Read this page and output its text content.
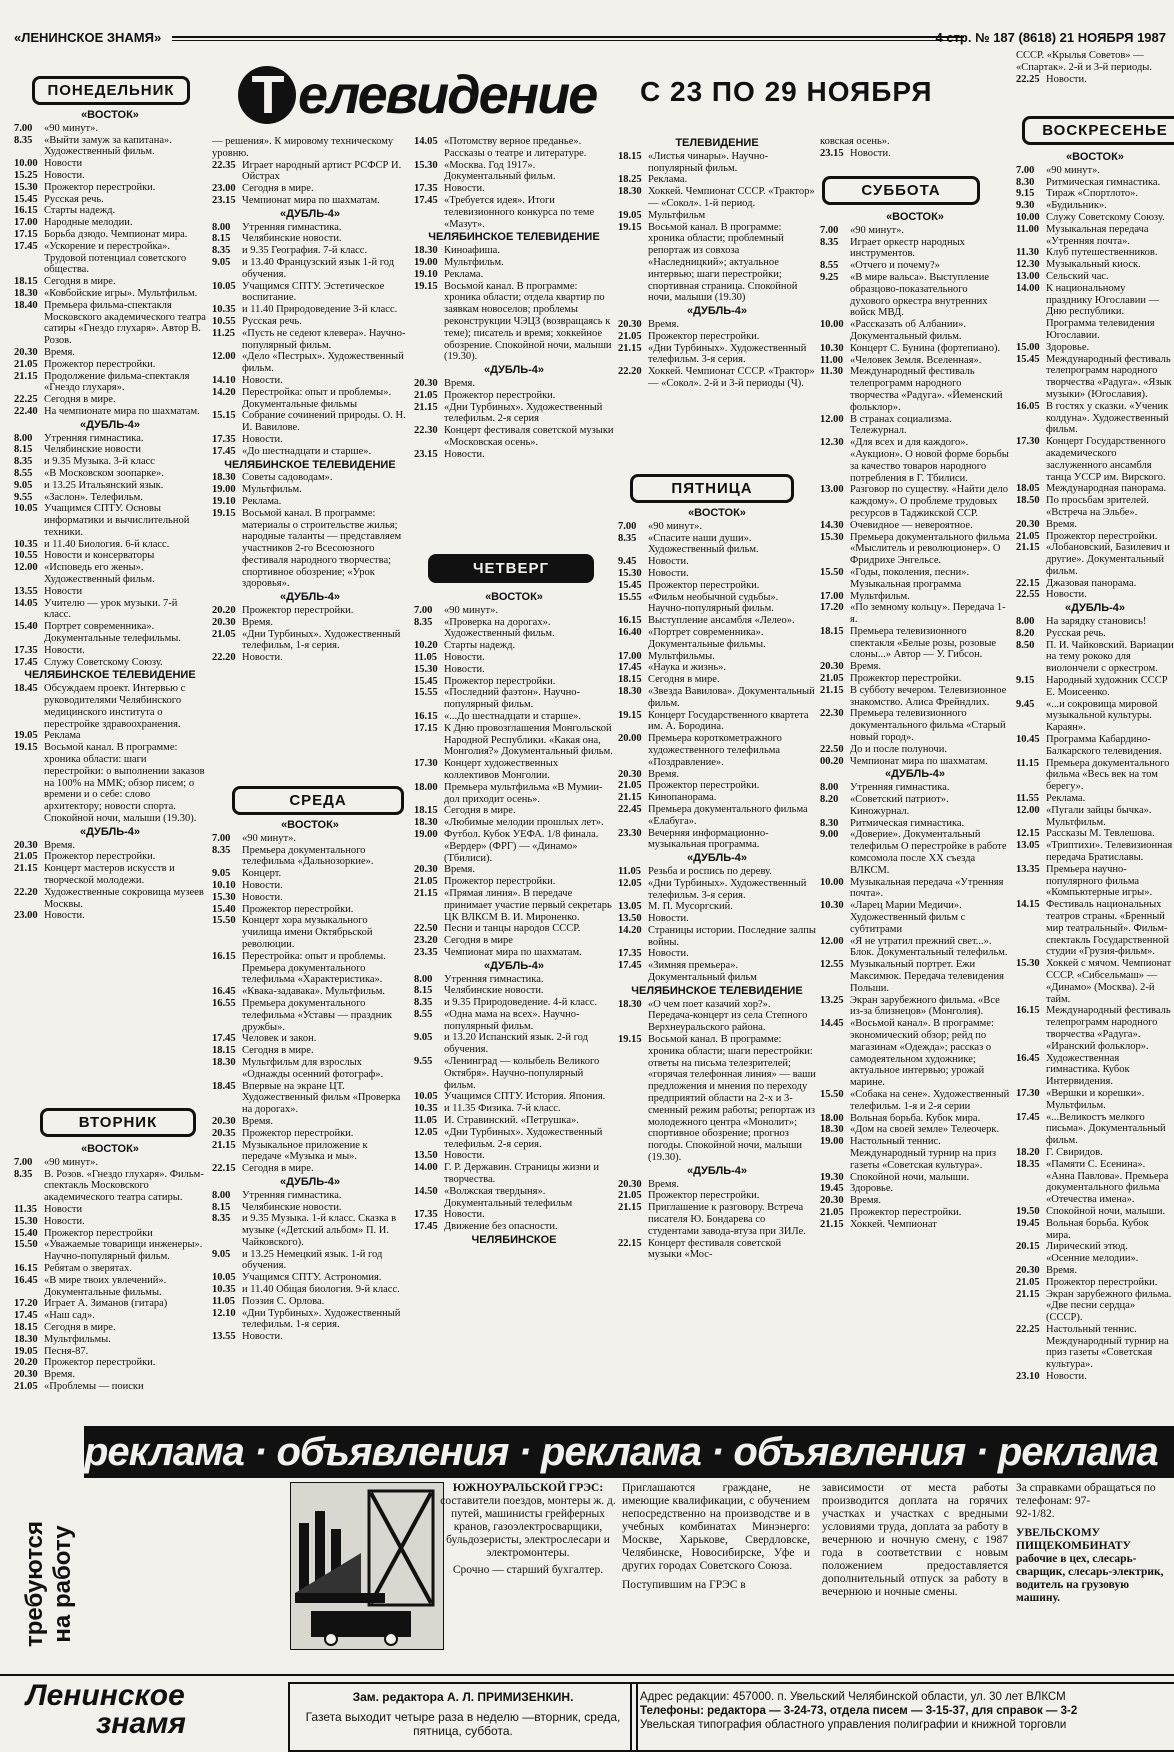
«ЛЕНИНСКОЕ ЗНАМЯ»	4 стр. № 187 (8618) 21 НОЯБРЯ 1987
Т елевидение	С 23 ПО 29 НОЯБРЯ
ПОНЕДЕЛЬНИК
ВТОРНИК
СРЕДА
ЧЕТВЕРГ
ПЯТНИЦА
СУББОТА
ВОСКРЕСЕНЬЕ
«ВОСТОК»
7.00 «90 минут».
8.35 «Выйти замуж за капитана». Художественный фильм.
10.00 Новости
15.25 Новости.
15.30 Прожектор перестройки.
15.45 Русская речь.
16.15 Старты надежд.
17.00 Народные мелодии.
17.15 Борьба дзюдо. Чемпионат мира.
17.45 «Ускорение и перестройка». Трудовой потенциал советского общества.
18.15 Сегодня в мире.
18.30 «Ковбойские игры». Мультфильм.
18.40 Премьера фильма-спектакля Московского академического театра сатиры «Гнездо глухаря». Автор В. Розов.
20.30 Время.
21.05 Прожектор перестройки.
21.15 Продолжение фильма-спектакля «Гнездо глухаря».
22.25 Сегодня в мире.
22.40 На чемпионате мира по шахматам.
«ДУБЛЬ-4»
8.00 Утренняя гимнастика.
8.15 Челябинские новости
8.35 и 9.35 Музыка. 3-й класс
8.55 «В Московском зоопарке».
9.05 и 13.25 Итальянский язык.
9.55 «Заслон». Телефильм.
10.05 Учащимся СПТУ. Основы информатики и вычислительной техники.
10.35 и 11.40 Биология. 6-й класс.
10.55 Новости и консерваторы
12.00 «Исповедь его жены». Художественный фильм.
13.55 Новости
14.05 Учителю — урок музыки. 7-й класс.
15.40 Портрет современника». Документальные телефильмы.
17.35 Новости.
17.45 Служу Советскому Союзу.
ЧЕЛЯБИНСКОЕ ТЕЛЕВИДЕНИЕ
18.45 Обсуждаем проект. Интервью с руководителями Челябинского медицинского института о перестройке здравоохранения.
19.05 Реклама
19.15 Восьмой канал. В программе: хроника области: шаги перестройки: о выполнении заказов на 100% на ММК; обзор писем; о времени и о себе: слово архитектору; новости спорта. Спокойной ночи, малыши (19.30).
«ДУБЛЬ-4»
20.30 Время.
21.05 Прожектор перестройки.
21.15 Концерт мастеров искусств и творческой молодежи.
22.20 Художественные сокровища музеев Москвы.
23.00 Новости.
«ВОСТОК»
7.00 «90 минут».
8.35 В. Розов. «Гнездо глухаря». Фильм-спектакль Московского академического театра сатиры.
11.35 Новости
15.30 Новости.
15.40 Прожектор перестройки
15.50 «Уважаемые товарищи инженеры». Научно-популярный фильм.
16.15 Ребятам о зверятах.
16.45 «В мире твоих увлечений». Документальные фильмы.
17.20 Играет А. Зиманов (гитара)
17.45 «Наш сад».
18.15 Сегодня в мире.
18.30 Мультфильмы.
19.05 Песня-87.
20.20 Прожектор перестройки.
20.30 Время.
21.05 «Проблемы — поиски
— решения». К мировому техническому уровню.
22.35 Играет народный артист РСФСР И. Ойстрах
23.00 Сегодня в мире.
23.15 Чемпионат мира по шахматам.
«ДУБЛЬ-4»
8.00 Утренняя гимнастика.
8.15 Челябинские новости.
8.35 и 9.35 География. 7-й класс.
9.05 и 13.40 Французский язык 1-й год обучения.
10.05 Учащимся СПТУ. Эстетическое воспитание.
10.35 и 11.40 Природоведение 3-й класс.
10.55 Русская речь.
11.25 «Пусть не седеют клевера». Научно-популярный фильм.
12.00 «Дело «Пестрых». Художественный фильм.
14.10 Новости.
14.20 Перестройка: опыт и проблемы». Документальные фильмы
15.15 Собрание сочинений природы. О. Н. И. Вавилове.
17.35 Новости.
17.45 «До шестнадцати и старше».
ЧЕЛЯБИНСКОЕ ТЕЛЕВИДЕНИЕ
18.30 Советы садоводам».
19.00 Мультфильм.
19.10 Реклама.
19.15 Восьмой канал. В программе: материалы о строительстве жилья; народные таланты — представляем участников 2-го Всесоюзного фестиваля народного творчества; спортивное обозрение; «Урок здоровья».
«ДУБЛЬ-4»
20.20 Прожектор перестройки.
20.30 Время.
21.05 «Дни Турбиных». Художественный телефильм, 1-я серия.
22.20 Новости.
«ВОСТОК»
7.00 «90 минут».
8.35 Премьера документального телефильма «Дальнозоркие».
9.05 Концерт.
10.10 Новости.
15.30 Новости.
15.40 Прожектор перестройки.
15.50 Концерт хора музыкального училища имени Октябрьской революции.
16.15 Перестройка: опыт и проблемы. Премьера документального телефильма «Характеристика».
16.45 «Квака-задавака». Мультфильм.
16.55 Премьера документального телефильма «Уставы — праздник дружбы».
17.45 Человек и закон.
18.15 Сегодня в мире.
18.30 Мультфильм для взрослых «Однажды осенний фотограф».
18.45 Впервые на экране ЦТ. Художественный фильм «Проверка на дорогах».
20.30 Время.
20.35 Прожектор перестройки.
21.15 Музыкальное приложение к передаче «Музыка и мы».
22.15 Сегодня в мире.
«ДУБЛЬ-4»
8.00 Утренняя гимнастика.
8.15 Челябинские новости.
8.35 и 9.35 Музыка. 1-й класс. Сказка в музыке («Детский альбом» П. И. Чайковского).
9.05 и 13.25 Немецкий язык. 1-й год обучения.
10.05 Учащимся СПТУ. Астрономия.
10.35 и 11.40 Общая биология. 9-й класс.
11.05 Поэзия С. Орлова.
12.10 «Дни Турбиных». Художественный телефильм. 1-я серия.
13.55 Новости.
14.05 «Потомству верное преданье». Рассказы о театре и литературе.
15.30 «Москва. Год 1917». Документальный фильм.
17.35 Новости.
17.45 «Требуется идея». Итоги телевизионного конкурса по теме «Мазут».
ЧЕЛЯБИНСКОЕ ТЕЛЕВИДЕНИЕ
18.30 Киноафиша.
19.00 Мультфильм.
19.10 Реклама.
19.15 Восьмой канал. В программе: хроника области; отдела квартир по заявкам новоселов; проблемы реконструкции ЧЭЦЗ (возвращаясь к теме); писатель и время; хоккейное обозрение. Спокойной ночи, малыши (19.30).
«ДУБЛЬ-4»
20.30 Время.
21.05 Прожектор перестройки.
21.15 «Дни Турбиных». Художественный телефильм. 2-я серия
22.30 Концерт фестиваля советской музыки «Московская осень».
23.15 Новости.
«ВОСТОК»
7.00 «90 минут».
8.35 «Проверка на дорогах». Художественный фильм.
10.20 Старты надежд.
11.05 Новости.
15.30 Новости.
15.45 Прожектор перестройки.
15.55 «Последний фаэтон». Научно-популярный фильм.
16.15 «...До шестнадцати и старше».
17.15 К Дню провозглашения Монгольской Народной Республики. «Какая она, Монголия?» Документальный фильм.
17.30 Концерт художественных коллективов Монголии.
18.00 Премьера мультфильма «В Мумии-дол приходит осень».
18.15 Сегодня в мире.
18.30 «Любимые мелодии прошлых лет».
19.00 Футбол. Кубок УЕФА. 1/8 финала. «Вердер» (ФРГ) — «Динамо» (Тбилиси).
20.30 Время.
21.05 Прожектор перестройки.
21.15 «Прямая линия». В передаче принимает участие первый секретарь ЦК ВЛКСМ В. И. Мироненко.
22.50 Песни и танцы народов СССР.
23.20 Сегодня в мире
23.35 Чемпионат мира по шахматам.
«ДУБЛЬ-4»
8.00 Утренняя гимнастика.
8.15 Челябинские новости.
8.35 и 9.35 Природоведение. 4-й класс.
8.55 «Одна мама на всех». Научно-популярный фильм.
9.05 и 13.20 Испанский язык. 2-й год обучения.
9.55 «Ленинград — колыбель Великого Октября». Научно-популярный фильм.
10.05 Учащимся СПТУ. История. Япония.
10.35 и 11.35 Физика. 7-й класс.
11.05 И. Стравинский. «Петрушка».
12.05 «Дни Турбиных». Художественный телефильм. 2-я серия.
13.50 Новости.
14.00 Г. Р. Державин. Страницы жизни и творчества.
14.50 «Волжская твердыня». Документальный телефильм
17.35 Новости.
17.45 Движение без опасности.
ЧЕЛЯБИНСКОЕ
ТЕЛЕВИДЕНИЕ
18.15 «Листья чинары». Научно-популярный фильм.
18.25 Реклама.
18.30 Хоккей. Чемпионат СССР. «Трактор» — «Сокол». 1-й период.
19.05 Мультфильм
19.15 Восьмой канал. В программе: хроника области; проблемный репортаж из совхоза «Наследницкий»; актуальное интервью; шаги перестройки; спортивная страница. Спокойной ночи, малыши (19.30)
«ДУБЛЬ-4»
20.30 Время.
21.05 Прожектор перестройки.
21.15 «Дни Турбиных». Художественный телефильм. 3-я серия.
22.20 Хоккей. Чемпионат СССР. «Трактор» — «Сокол». 2-й и 3-й периоды (Ч).
«ВОСТОК»
7.00 «90 минут».
8.35 «Спасите наши души». Художественный фильм.
9.45 Новости.
15.30 Новости.
15.45 Прожектор перестройки.
15.55 «Фильм необычной судьбы». Научно-популярный фильм.
16.15 Выступление ансамбля «Лелео».
16.40 «Портрет современника». Документальные фильмы.
17.00 Мультфильмы.
17.45 «Наука и жизнь».
18.15 Сегодня в мире.
18.30 «Звезда Вавилова». Документальный фильм.
19.15 Концерт Государственного квартета им. А. Бородина.
20.00 Премьера короткометражного художественного телефильма «Поздравление».
20.30 Время.
21.05 Прожектор перестройки.
21.15 Кинопанорама.
22.45 Премьера документального фильма «Елабуга».
23.30 Вечерняя информационно-музыкальная программа.
«ДУБЛЬ-4»
11.05 Резьба и роспись по дереву.
12.05 «Дни Турбиных». Художественный телефильм. 3-я серия.
13.05 М. П. Мусоргский.
13.50 Новости.
14.20 Страницы истории. Последние залпы войны.
17.35 Новости.
17.45 «Зимняя премьера». Документальный фильм
ЧЕЛЯБИНСКОЕ ТЕЛЕВИДЕНИЕ
18.30 «О чем поет казачий хор?». Передача-концерт из села Степного Верхнеуральского района.
19.15 Восьмой канал. В программе: хроника области; шаги перестройки: ответы на письма телезрителей; «горячая телефонная линия» — ваши предложения и мнения по переходу предприятий области на 2-х и 3-сменный режим работы; репортаж из молодежного центра «Монолит»; спортивное обозрение; прогноз погоды. Спокойной ночи, малыши (19.30).
«ДУБЛЬ-4»
20.30 Время.
21.05 Прожектор перестройки.
21.15 Приглашение к разговору. Встреча писателя Ю. Бондарева со студентами завода-втуза при ЗИЛе.
22.15 Концерт фестиваля советской музыки «Мос-
ковская осень».
23.15 Новости.
«ВОСТОК»
7.00 «90 минут».
8.35 Играет оркестр народных инструментов.
8.55 «Отчего и почему?»
9.25 «В мире вальса». Выступление образцово-показательного духового оркестра внутренних войск МВД.
10.00 «Рассказать об Албании». Документальный фильм.
10.30 Концерт С. Бунина (фортепиано).
11.00 «Человек Земля. Вселенная».
11.30 Международный фестиваль телепрограмм народного творчества «Радуга». «Йеменский фольклор».
12.00 В странах социализма. Тележурнал.
12.30 «Для всех и для каждого». «Аукцион». О новой форме борьбы за качество товаров народного потребления в Г. Тбилиси.
13.00 Разговор по существу. «Найти дело каждому». О проблеме трудовых ресурсов в Таджикской ССР.
14.30 Очевидное — невероятное.
15.30 Премьера документального фильма «Мыслитель и революционер». О Фридрихе Энгельсе.
15.50 «Годы, поколения, песни». Музыкальная программа
17.00 Мультфильм.
17.20 «По земному кольцу». Передача 1-я.
18.15 Премьера телевизионного спектакля «Белые розы, розовые слоны...» Автор — У. Гибсон.
20.30 Время.
21.05 Прожектор перестройки.
21.15 В субботу вечером. Телевизионное знакомство. Алиса Фрейндлих.
22.30 Премьера телевизионного документального фильма «Старый новый город».
22.50 До и после полуночи.
00.20 Чемпионат мира по шахматам.
«ДУБЛЬ-4»
8.00 Утренняя гимнастика.
8.20 «Советский патриот». Киножурнал.
8.30 Ритмическая гимнастика.
9.00 «Доверие». Документальный телефильм О перестройке в работе комсомола после XX съезда ВЛКСМ.
10.00 Музыкальная передача «Утренняя почта».
10.30 «Ларец Марии Медичи». Художественный фильм с субтитрами
12.00 «Я не утратил прежний свет...». Блок. Документальный телефильм.
12.55 Музыкальный портрет. Ежи Максимюк. Передача телевидения Польши.
13.25 Экран зарубежного фильма. «Все из-за близнецов» (Монголия).
14.45 «Восьмой канал». В программе: экономический обзор; рейд по магазинам «Одежда»; рассказ о самодеятельном художнике; актуальное интервью; урожай марине.
15.50 «Собака на сене». Художественный телефильм. 1-я и 2-я серии
18.00 Вольная борьба. Кубок мира.
18.30 «Дом на своей земле» Телеочерк.
19.00 Настольный теннис. Международный турнир на приз газеты «Советская культура».
19.30 Спокойной ночи, малыши.
19.45 Здоровье.
20.30 Время.
21.05 Прожектор перестройки.
21.15 Хоккей. Чемпионат
СССР. «Крылья Советов» — «Спартак». 2-й и 3-й периоды.
22.25 Новости.
«ВОСТОК»
7.00 «90 минут».
8.30 Ритмическая гимнастика.
9.15 Тираж «Спортлото».
9.30 «Будильник».
10.00 Служу Советскому Союзу.
11.00 Музыкальная передача «Утренняя почта».
11.30 Клуб путешественников.
12.30 Музыкальный киоск.
13.00 Сельский час.
14.00 К национальному празднику Югославии — Дню республики. Программа телевидения Югославии.
15.00 Здоровье.
15.45 Международный фестиваль телепрограмм народного творчества «Радуга». «Язык музыки» (Югославия).
16.05 В гостях у сказки. «Ученик колдуна». Художественный фильм.
17.30 Концерт Государственного академического заслуженного ансамбля танца УССР им. Вирского.
18.05 Международная панорама.
18.50 По просьбам зрителей. «Встреча на Эльбе».
20.30 Время.
21.05 Прожектор перестройки.
21.15 «Лобановский, Базилевич и другие». Документальный фильм.
22.15 Джазовая панорама.
22.55 Новости.
«ДУБЛЬ-4»
8.00 На зарядку становись!
8.20 Русская речь.
8.50 П. И. Чайковский. Вариации на тему рококо для виолончели с оркестром.
9.15 Народный художник СССР Е. Моисеенко.
9.45 «...и сокровища мировой музыкальной культуры. Караян».
10.45 Программа Кабардино-Балкарского телевидения.
11.15 Премьера документального фильма «Весь век на том берегу».
11.55 Реклама.
12.00 «Пугали зайцы бычка». Мультфильм.
12.15 Рассказы М. Тевлешова.
13.05 «Триптихи». Телевизионная передача Братиславы.
13.35 Премьера научно-популярного фильма «Компьютерные игры».
14.15 Фестиваль национальных театров страны. «Бренный мир театральный». Фильм-спектакль Государственной студии «Грузия-фильм».
15.30 Хоккей с мячом. Чемпионат СССР. «Сибсельмаш» — «Динамо» (Москва). 2-й тайм.
16.15 Международный фестиваль телепрограмм народного творчества «Радуга». «Иранский фольклор».
16.45 Художественная гимнастика. Кубок Интервидения.
17.30 «Вершки и корешки». Мультфильм.
17.45 «...Великостъ мелкого письма». Документальный фильм.
18.20 Г. Свиридов.
18.35 «Памяти С. Есенина». «Анна Павлова». Премьера документального фильма «Отечества имена».
19.50 Спокойной ночи, малыши.
19.45 Вольная борьба. Кубок мира.
20.15 Лирический этюд. «Осенние мелодии».
20.30 Время.
21.05 Прожектор перестройки.
21.15 Экран зарубежного фильма. «Две песни сердца» (СССР).
22.25 Настольный теннис. Международный турнир на приз газеты «Советская культура».
23.10 Новости.
реклама · объявления · реклама · объявления · реклама
требуются
на работу
ЮЖНОУРАЛЬСКОЙ ГРЭС:
составители поездов, монтеры ж. д. путей, машинисты грейферных кранов, газоэлектросварщики, бульдозеристы, электрослесари и электромонтеры.
Срочно — старший бухгалтер.
Приглашаются граждане, не имеющие квалификации, с обучением непосредственно на производстве и в учебных комбинатах Минэнерго: Москве, Харькове, Свердловске, Челябинске, Новосибирске, Уфе и других городах Советского Союза.
Поступившим на ГРЭС в
зависимости от места работы производится доплата на горячих участках и участках с вредными условиями труда, доплата за работу в вечернюю и ночную смену, с 1987 года в соответствии с новым положением предоставляется дополнительный отпуск за работу в вечернюю и ночные смены.
За справками обращаться по телефонам: 97-
92-1/82.
УВЕЛЬСКОМУ ПИЩЕКОМБИНАТУ рабочие в цех, слесарь-сварщик, слесарь-электрик, водитель на грузовую машину.
Ленинское
знамя
Зам. редактора А. Л. ПРИМИЗЕНКИН.
Газета выходит четыре раза в неделю —вторник, среда, пятница, суббота.
Адрес редакции: 457000. п. Увельский Челябинской области, ул. 30 лет ВЛКСМ
Телефоны: редактора — 3-24-73, отдела писем — 3-15-37, для справок — 3-2
Увельская типография областного управления полиграфии и книжной торговли
